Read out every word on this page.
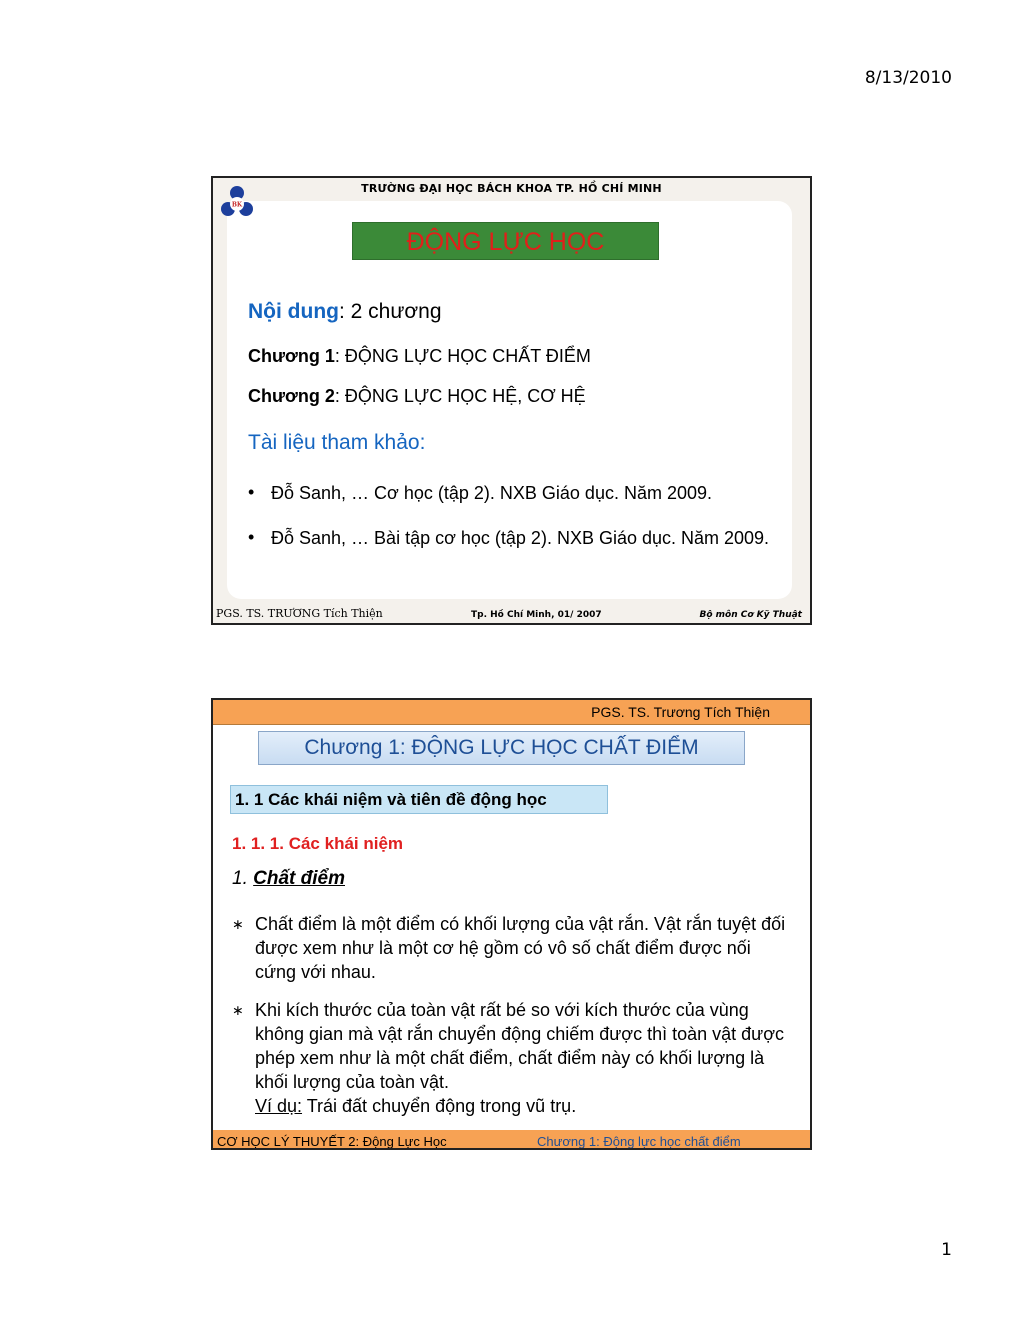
8/13/2010
BK
TRƯỜNG ĐẠI HỌC BÁCH KHOA TP. HỒ CHÍ MINH
ĐỘNG LỰC HỌC
Nội dung: 2 chương
Chương 1: ĐỘNG LỰC HỌC CHẤT ĐIỂM
Chương 2: ĐỘNG LỰC HỌC HỆ, CƠ HỆ
Tài liệu tham khảo:
• Đỗ Sanh, … Cơ học (tập 2). NXB Giáo dục. Năm 2009.
• Đỗ Sanh, … Bài tập cơ học (tập 2). NXB Giáo dục. Năm 2009.
PGS. TS. TRƯƠNG Tích Thiện	Tp. Hồ Chí Minh, 01/ 2007	Bộ môn Cơ Kỹ Thuật
PGS. TS. Trương Tích Thiện
Chương 1: ĐỘNG LỰC HỌC CHẤT ĐIỂM
1. 1 Các khái niệm và tiên đề động học
1. 1. 1. Các khái niệm
1. Chất điểm
∗ Chất điểm là một điểm có khối lượng của vật rắn. Vật rắn tuyệt đối được xem như là một cơ hệ gồm có vô số chất điểm được nối cứng với nhau.
∗ Khi kích thước của toàn vật rất bé so với kích thước của vùng không gian mà vật rắn chuyển động chiếm được thì toàn vật được phép xem như là một chất điểm, chất điểm này có khối lượng là khối lượng của toàn vật.
Ví dụ: Trái đất chuyển động trong vũ trụ.
CƠ HỌC LÝ THUYẾT 2: Động Lực Học	Chương 1: Động lực học chất điểm
1
